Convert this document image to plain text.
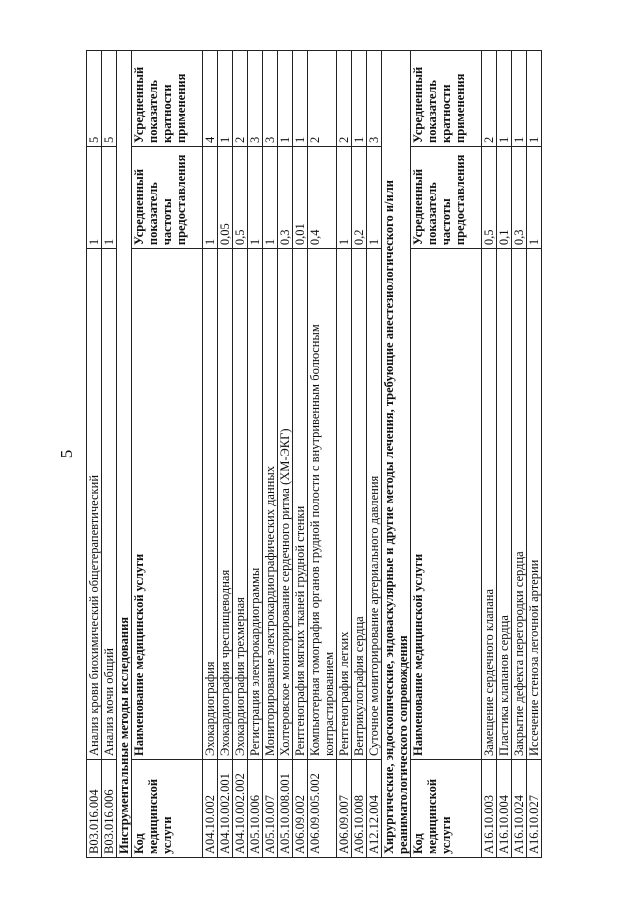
5
B03.016.004	Анализ крови биохимический общетерапевтический	1	5
B03.016.006	Анализ мочи общий	1	5
Инструментальные методы исследования			
Код медицинской услуги	Наименование медицинской услуги	Усредненный показатель частоты предоставления	Усредненный показатель кратности применения
A04.10.002	Эхокардиография	1	4
A04.10.002.001	Эхокардиография чреспищеводная	0,05	1
A04.10.002.002	Эхокардиография трехмерная	0,5	2
A05.10.006	Регистрация электрокардиограммы	1	3
A05.10.007	Мониторирование электрокардиографических данных	1	3
A05.10.008.001	Холтеровское мониторирование сердечного ритма (ХМ-ЭКГ)	0,3	1
A06.09.002	Рентгенография мягких тканей грудной стенки	0,01	1
A06.09.005.002	Компьютерная томография органов грудной полости с внутривенным болюсным контрастированием	0,4	2
A06.09.007	Рентгенография легких	1	2
A06.10.008	Вентрикулография сердца	0,2	1
A12.12.004	Суточное мониторирование артериального давления	1	3
Хирургические, эндоскопические, эндоваскулярные и другие методы лечения, требующие анестезиологического и/или реаниматологического сопровождения			
Код медицинской услуги	Наименование медицинской услуги	Усредненный показатель частоты предоставления	Усредненный показатель кратности применения
A16.10.003	Замещение сердечного клапана	0,5	2
A16.10.004	Пластика клапанов сердца	0,1	1
A16.10.024	Закрытие дефекта перегородки сердца	0,3	1
A16.10.027	Иссечение стеноза легочной артерии	1	1
